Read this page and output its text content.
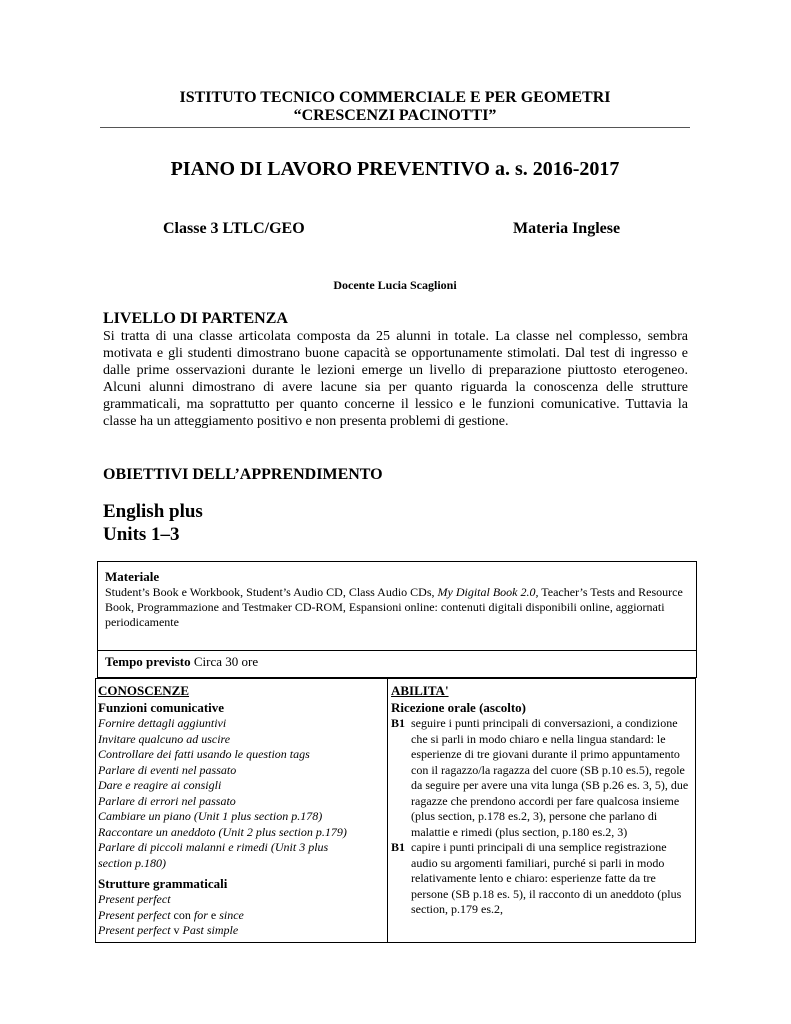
ISTITUTO TECNICO COMMERCIALE E PER GEOMETRI
“CRESCENZI PACINOTTI”
PIANO DI LAVORO PREVENTIVO a. s. 2016-2017
Classe 3 LTLC/GEO	Materia Inglese
Docente Lucia Scaglioni
LIVELLO DI PARTENZA
Si tratta di una classe articolata composta da 25 alunni in totale. La classe nel complesso, sembra motivata e gli studenti dimostrano buone capacità se opportunamente stimolati. Dal test di ingresso e dalle prime osservazioni durante le lezioni emerge un livello di preparazione piuttosto eterogeneo. Alcuni alunni dimostrano di avere lacune sia per quanto riguarda la conoscenza delle strutture grammaticali, ma soprattutto per quanto concerne il lessico e le funzioni comunicative. Tuttavia la classe ha un atteggiamento positivo e non presenta problemi di gestione.
OBIETTIVI DELL’APPRENDIMENTO
English plus
Units 1–3
Materiale
Student’s Book e Workbook, Student’s Audio CD, Class Audio CDs, My Digital Book 2.0, Teacher’s Tests and Resource Book, Programmazione and Testmaker CD-ROM, Espansioni online: contenuti digitali disponibili online, aggiornati periodicamente
Tempo previsto Circa 30 ore
CONOSCENZE
Funzioni comunicative
Fornire dettagli aggiuntivi
Invitare qualcuno ad uscire
Controllare dei fatti usando le question tags
Parlare di eventi nel passato
Dare e reagire ai consigli
Parlare di errori nel passato
Cambiare un piano (Unit 1 plus section p.178)
Raccontare un aneddoto (Unit 2 plus section p.179)
Parlare di piccoli malanni e rimedi (Unit 3 plus
section p.180)
Strutture grammaticali
Present perfect
Present perfect con for e since
Present perfect v Past simple
ABILITA'
Ricezione orale (ascolto)
B1 seguire i punti principali di conversazioni, a condizione che si parli in modo chiaro e nella lingua standard: le esperienze di tre giovani durante il primo appuntamento con il ragazzo/la ragazza del cuore (SB p.10 es.5), regole da seguire per avere una vita lunga (SB p.26 es. 3, 5), due ragazze che prendono accordi per fare qualcosa insieme (plus section, p.178 es.2, 3), persone che parlano di malattie e rimedi (plus section, p.180 es.2, 3)
B1 capire i punti principali di una semplice registrazione audio su argomenti familiari, purché si parli in modo relativamente lento e chiaro: esperienze fatte da tre persone (SB p.18 es. 5), il racconto di un aneddoto (plus section, p.179 es.2,
